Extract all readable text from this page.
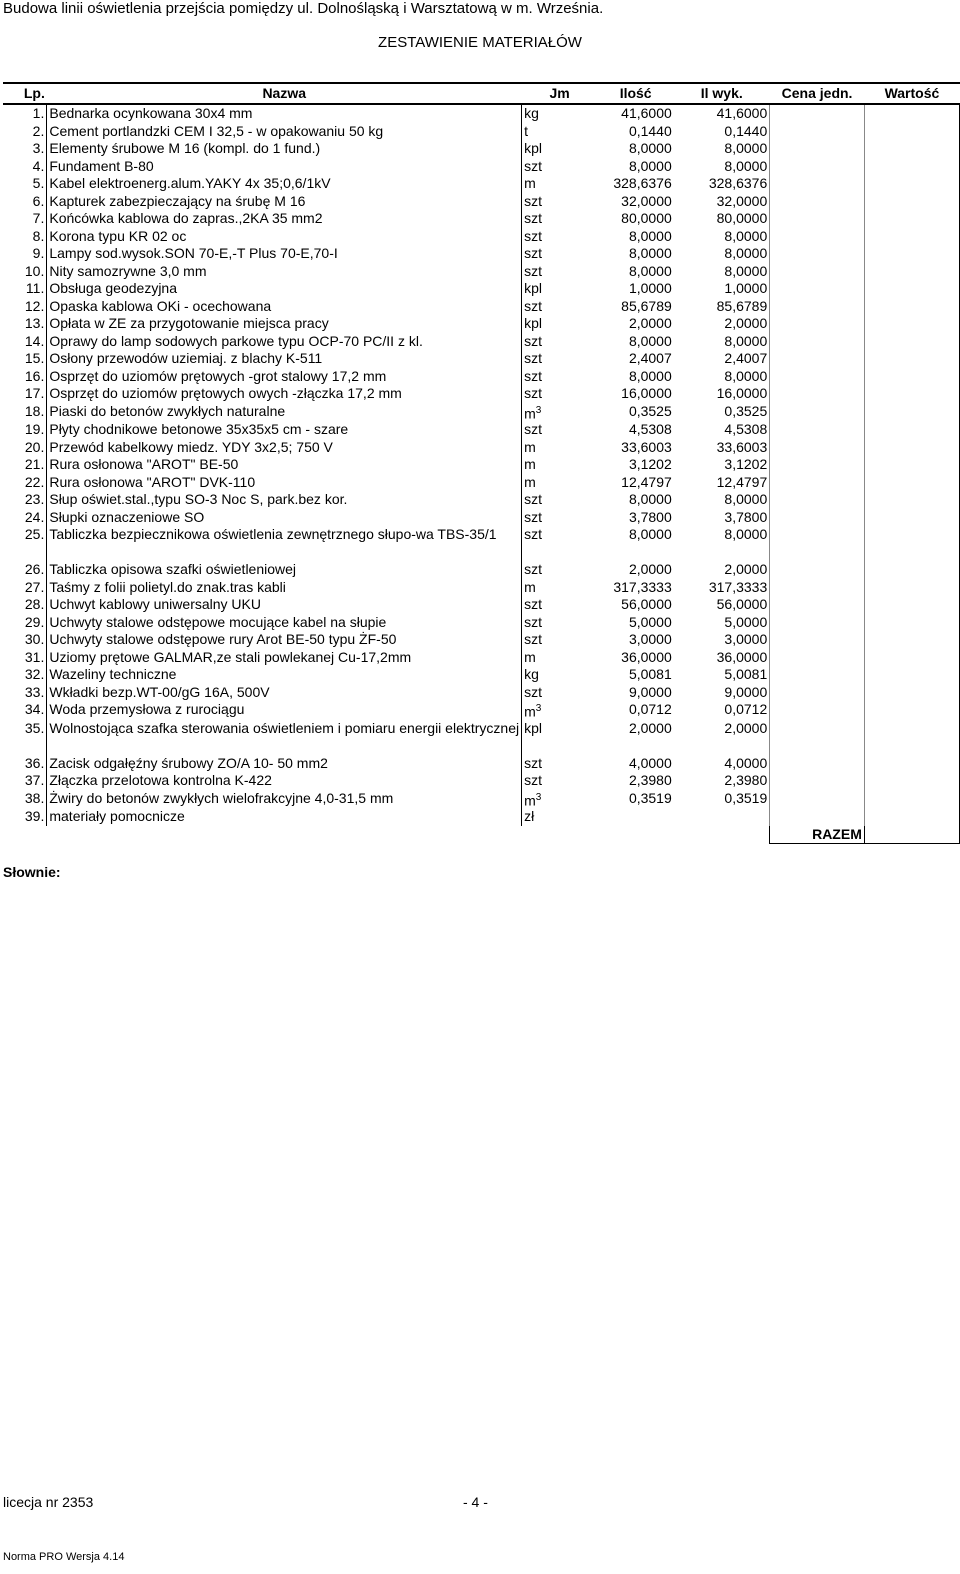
Budowa linii oświetlenia przejścia pomiędzy ul. Dolnośląską i Warsztatową w m. Września.
ZESTAWIENIE MATERIAŁÓW
Lp.	Nazwa	Jm	Ilość	Il wyk.	Cena jedn.	Wartość
1.	Bednarka ocynkowana 30x4 mm	kg	41,6000	41,6000		
2.	Cement portlandzki CEM I 32,5 - w opakowaniu 50 kg	t	0,1440	0,1440		
3.	Elementy śrubowe M 16 (kompl. do 1 fund.)	kpl	8,0000	8,0000		
4.	Fundament B-80	szt	8,0000	8,0000		
5.	Kabel elektroenerg.alum.YAKY 4x 35;0,6/1kV	m	328,6376	328,6376		
6.	Kapturek zabezpieczający na śrubę M 16	szt	32,0000	32,0000		
7.	Końcówka kablowa do zapras.,2KA 35 mm2	szt	80,0000	80,0000		
8.	Korona typu KR 02 oc	szt	8,0000	8,0000		
9.	Lampy sod.wysok.SON 70-E,-T Plus 70-E,70-I	szt	8,0000	8,0000		
10.	Nity samozrywne 3,0 mm	szt	8,0000	8,0000		
11.	Obsługa geodezyjna	kpl	1,0000	1,0000		
12.	Opaska kablowa OKi - ocechowana	szt	85,6789	85,6789		
13.	Opłata w ZE za przygotowanie miejsca pracy	kpl	2,0000	2,0000		
14.	Oprawy do lamp sodowych parkowe typu OCP-70 PC/II z kl.	szt	8,0000	8,0000		
15.	Osłony przewodów uziemiaj. z blachy K-511	szt	2,4007	2,4007		
16.	Osprzęt do uziomów prętowych -grot stalowy 17,2 mm	szt	8,0000	8,0000		
17.	Osprzęt do uziomów prętowych owych -złączka 17,2 mm	szt	16,0000	16,0000		
18.	Piaski do betonów zwykłych naturalne	$m^3$	0,3525	0,3525		
19.	Płyty chodnikowe betonowe 35x35x5 cm - szare	szt	4,5308	4,5308		
20.	Przewód kabelkowy miedz. YDY 3x2,5; 750 V	m	33,6003	33,6003		
21.	Rura osłonowa "AROT" BE-50	m	3,1202	3,1202		
22.	Rura osłonowa "AROT" DVK-110	m	12,4797	12,4797		
23.	Słup oświet.stal.,typu SO-3 Noc S, park.bez kor.	szt	8,0000	8,0000		
24.	Słupki oznaczeniowe SO	szt	3,7800	3,7800		
25.	Tabliczka bezpiecznikowa oświetlenia zewnętrznego słupo-wa TBS-35/1	szt	8,0000	8,0000		
26.	Tabliczka opisowa szafki oświetleniowej	szt	2,0000	2,0000		
27.	Taśmy z folii polietyl.do znak.tras kabli	m	317,3333	317,3333		
28.	Uchwyt kablowy uniwersalny UKU	szt	56,0000	56,0000		
29.	Uchwyty stalowe odstępowe mocujące kabel na słupie	szt	5,0000	5,0000		
30.	Uchwyty stalowe odstępowe rury Arot BE-50 typu ŻF-50	szt	3,0000	3,0000		
31.	Uziomy prętowe GALMAR,ze stali powlekanej Cu-17,2mm	m	36,0000	36,0000		
32.	Wazeliny techniczne	kg	5,0081	5,0081		
33.	Wkładki bezp.WT-00/gG 16A, 500V	szt	9,0000	9,0000		
34.	Woda przemysłowa z rurociągu	$m^3$	0,0712	0,0712		
35.	Wolnostojąca szafka sterowania oświetleniem i pomiaru energii elektrycznej	kpl	2,0000	2,0000		
36.	Zacisk odgałęźny śrubowy ZO/A 10- 50 mm2	szt	4,0000	4,0000		
37.	Złączka przelotowa kontrolna K-422	szt	2,3980	2,3980		
38.	Żwiry do betonów zwykłych wielofrakcyjne 4,0-31,5 mm	$m^3$	0,3519	0,3519		
39.	materiały pomocnicze	zł				
					RAZEM	
Słownie:
licecja nr 2353	- 4 -
Norma PRO Wersja 4.14
